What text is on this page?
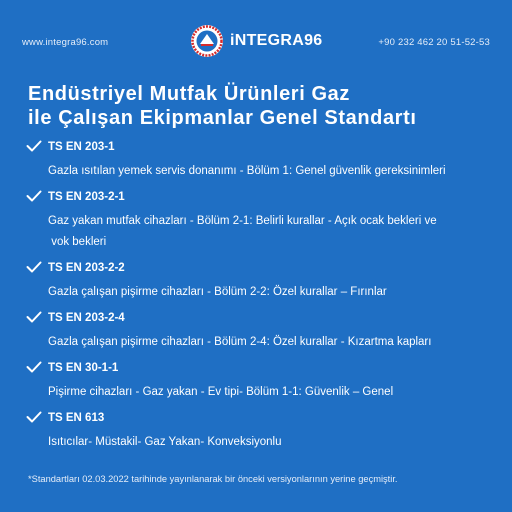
www.integra96.com	iNTEGRA96	+90 232 462 20 51-52-53
Endüstriyel Mutfak Ürünleri Gaz
ile Çalışan Ekipmanlar Genel Standartı
TS EN 203-1
Gazla ısıtılan yemek servis donanımı - Bölüm 1: Genel güvenlik gereksinimleri
TS EN 203-2-1
Gaz yakan mutfak cihazları - Bölüm 2-1: Belirli kurallar - Açık ocak bekleri ve
vok bekleri
TS EN 203-2-2
Gazla çalışan pişirme cihazları - Bölüm 2-2: Özel kurallar – Fırınlar
TS EN 203-2-4
Gazla çalışan pişirme cihazları - Bölüm 2-4: Özel kurallar - Kızartma kapları
TS EN 30-1-1
Pişirme cihazları - Gaz yakan - Ev tipi- Bölüm 1-1: Güvenlik – Genel
TS EN 613
Isıtıcılar- Müstakil- Gaz Yakan- Konveksiyonlu
*Standartları 02.03.2022 tarihinde yayınlanarak bir önceki versiyonlarının yerine geçmiştir.
